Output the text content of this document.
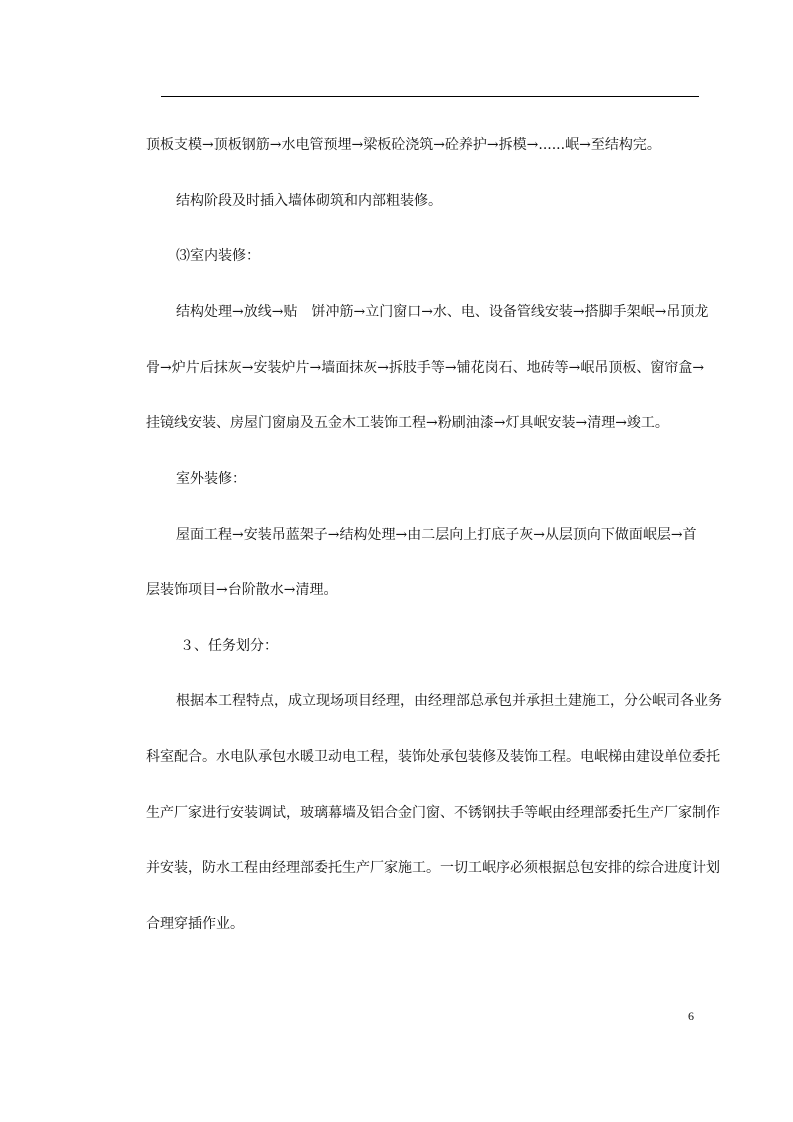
顶板支模→顶板钢筋→水电管预埋→梁板砼浇筑→砼养护→拆模→......岷→至结构完。
结构阶段及时插入墙体砌筑和内部粗装修。
⑶室内装修：
结构处理→放线→贴　饼冲筋→立门窗口→水、电、设备管线安装→搭脚手架岷→吊顶龙
骨→炉片后抹灰→安装炉片→墙面抹灰→拆肢手等→铺花岗石、地砖等→岷吊顶板、窗帘盒→
挂镜线安装、房屋门窗扇及五金木工装饰工程→粉刷油漆→灯具岷安装→清理→竣工。
室外装修：
屋面工程→安装吊蓝架子→结构处理→由二层向上打底子灰→从层顶向下做面岷层→首
层装饰项目→台阶散水→清理。
３、任务划分：
根据本工程特点，成立现场项目经理，由经理部总承包并承担土建施工，分公岷司各业务
科室配合。水电队承包水暖卫动电工程，装饰处承包装修及装饰工程。电岷梯由建设单位委托
生产厂家进行安装调试，玻璃幕墙及铝合金门窗、不锈钢扶手等岷由经理部委托生产厂家制作
并安装，防水工程由经理部委托生产厂家施工。一切工岷序必须根据总包安排的综合进度计划
合理穿插作业。
6
